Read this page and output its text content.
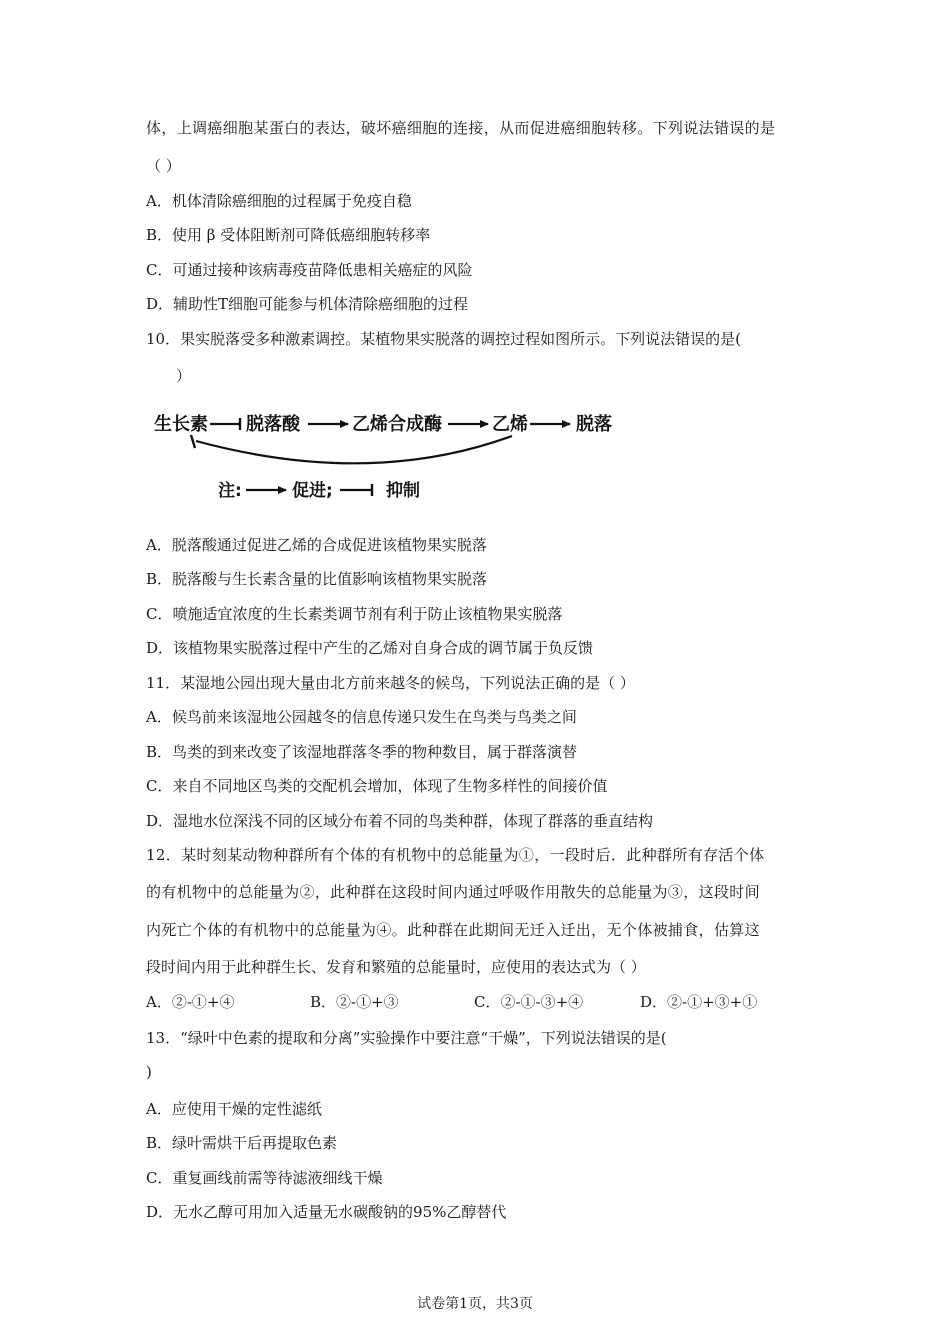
体，上调癌细胞某蛋白的表达，破坏癌细胞的连接，从而促进癌细胞转移。下列说法错误的是
（ ）
A．机体清除癌细胞的过程属于免疫自稳
B．使用 β 受体阻断剂可降低癌细胞转移率
C．可通过接种该病毒疫苗降低患相关癌症的风险
D．辅助性T细胞可能参与机体清除癌细胞的过程
10．果实脱落受多种激素调控。某植物果实脱落的调控过程如图所示。下列说法错误的是(
）
生长素 脱落酸	乙烯合成酶	乙烯	脱落
注:	促进;	抑制
A．脱落酸通过促进乙烯的合成促进该植物果实脱落
B．脱落酸与生长素含量的比值影响该植物果实脱落
C．喷施适宜浓度的生长素类调节剂有利于防止该植物果实脱落
D．该植物果实脱落过程中产生的乙烯对自身合成的调节属于负反馈
11．某湿地公园出现大量由北方前来越冬的候鸟，下列说法正确的是（ ）
A．候鸟前来该湿地公园越冬的信息传递只发生在鸟类与鸟类之间
B．鸟类的到来改变了该湿地群落冬季的物种数目，属于群落演替
C．来自不同地区鸟类的交配机会增加，体现了生物多样性的间接价值
D．湿地水位深浅不同的区域分布着不同的鸟类种群，体现了群落的垂直结构
12．某时刻某动物种群所有个体的有机物中的总能量为①，一段时后．此种群所有存活个体
的有机物中的总能量为②，此种群在这段时间内通过呼吸作用散失的总能量为③，这段时间
内死亡个体的有机物中的总能量为④。此种群在此期间无迁入迁出，无个体被捕食，估算这
段时间内用于此种群生长、发育和繁殖的总能量时，应使用的表达式为（ ）
A．②-①+④	B．②-①+③	C．②-①-③+④	D．②-①+③+①
13．“绿叶中色素的提取和分离”实验操作中要注意“干燥”，下列说法错误的是(
)
A．应使用干燥的定性滤纸
B．绿叶需烘干后再提取色素
C．重复画线前需等待滤液细线干燥
D．无水乙醇可用加入适量无水碳酸钠的95%乙醇替代
试卷第1页，共3页
